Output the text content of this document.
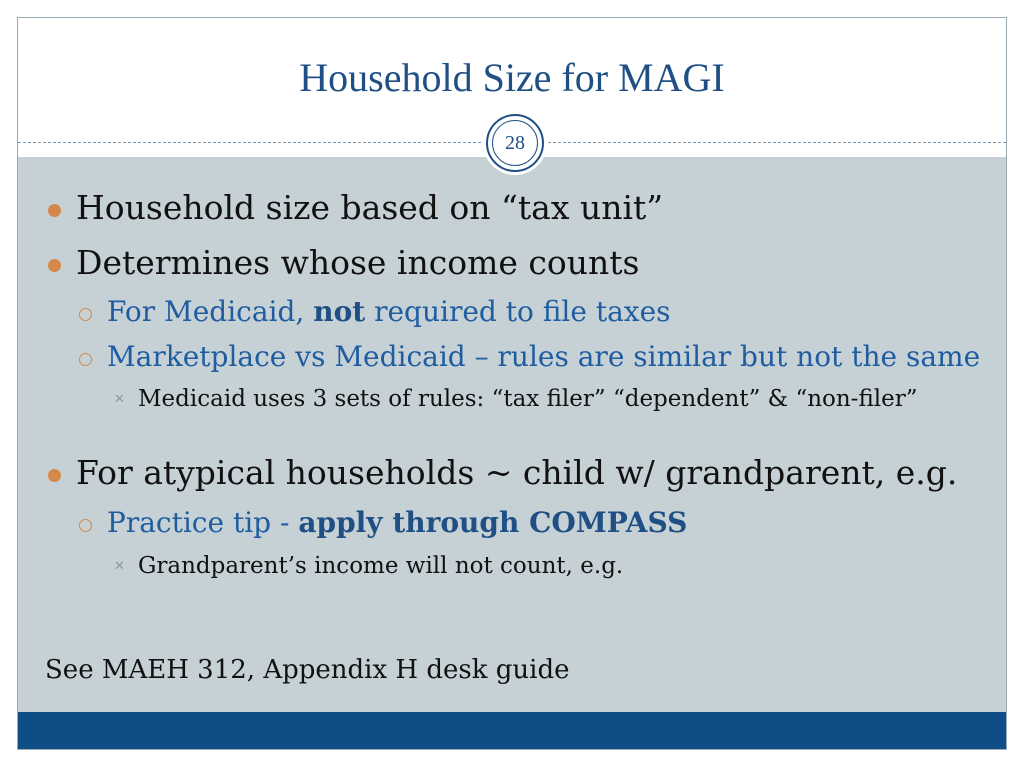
Household Size for MAGI
28
Household size based on “tax unit”
Determines whose income counts
For Medicaid, not required to file taxes
Marketplace vs Medicaid – rules are similar but not the same
✕ Medicaid uses 3 sets of rules: “tax filer” “dependent” & “non-filer”
For atypical households ~ child w/ grandparent, e.g.
Practice tip - apply through COMPASS
✕ Grandparent’s income will not count, e.g.
See MAEH 312, Appendix H desk guide
